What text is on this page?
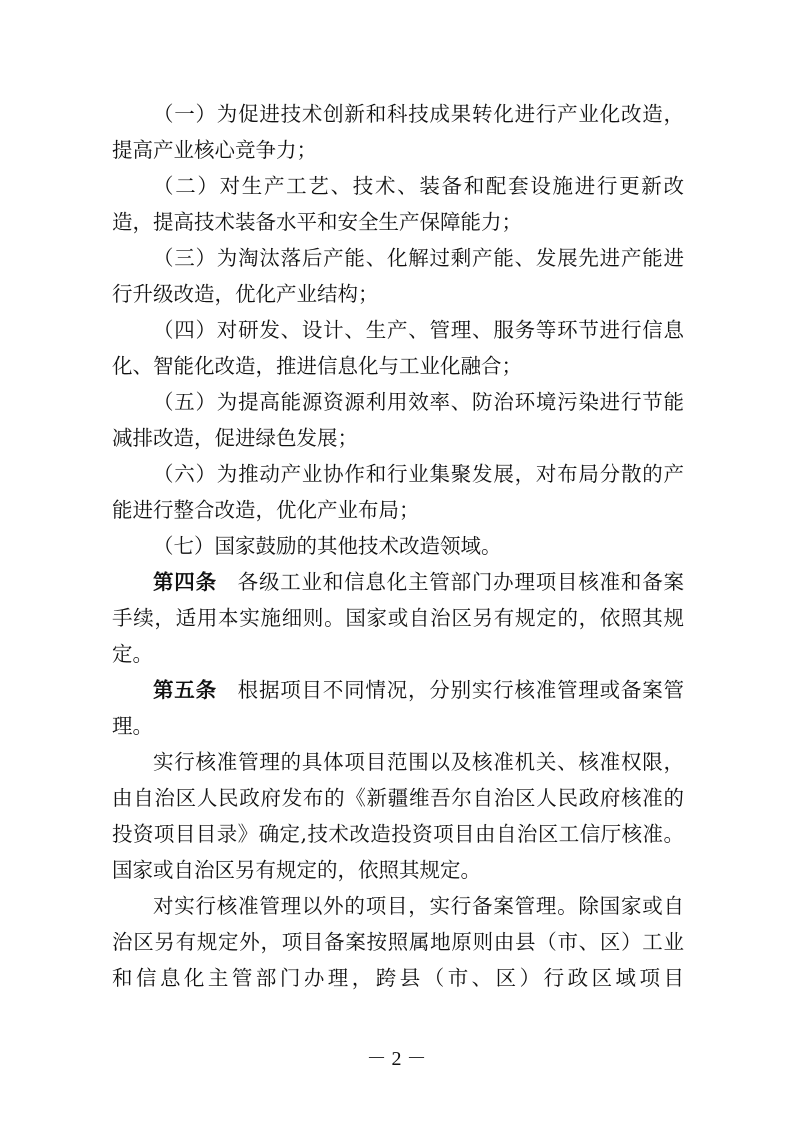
（一）为促进技术创新和科技成果转化进行产业化改造，提高产业核心竞争力；

（二）对生产工艺、技术、装备和配套设施进行更新改造，提高技术装备水平和安全生产保障能力；

（三）为淘汰落后产能、化解过剩产能、发展先进产能进行升级改造，优化产业结构；

（四）对研发、设计、生产、管理、服务等环节进行信息化、智能化改造，推进信息化与工业化融合；

（五）为提高能源资源利用效率、防治环境污染进行节能减排改造，促进绿色发展；

（六）为推动产业协作和行业集聚发展，对布局分散的产能进行整合改造，优化产业布局；

（七）国家鼓励的其他技术改造领域。

第四条 各级工业和信息化主管部门办理项目核准和备案手续，适用本实施细则。国家或自治区另有规定的，依照其规定。

第五条 根据项目不同情况，分别实行核准管理或备案管理。

实行核准管理的具体项目范围以及核准机关、核准权限，由自治区人民政府发布的《新疆维吾尔自治区人民政府核准的投资项目目录》确定,技术改造投资项目由自治区工信厅核准。国家或自治区另有规定的，依照其规定。

对实行核准管理以外的项目，实行备案管理。除国家或自治区另有规定外，项目备案按照属地原则由县（市、区）工业和信息化主管部门办理，跨县（市、区）行政区域项目

－ 2 －
